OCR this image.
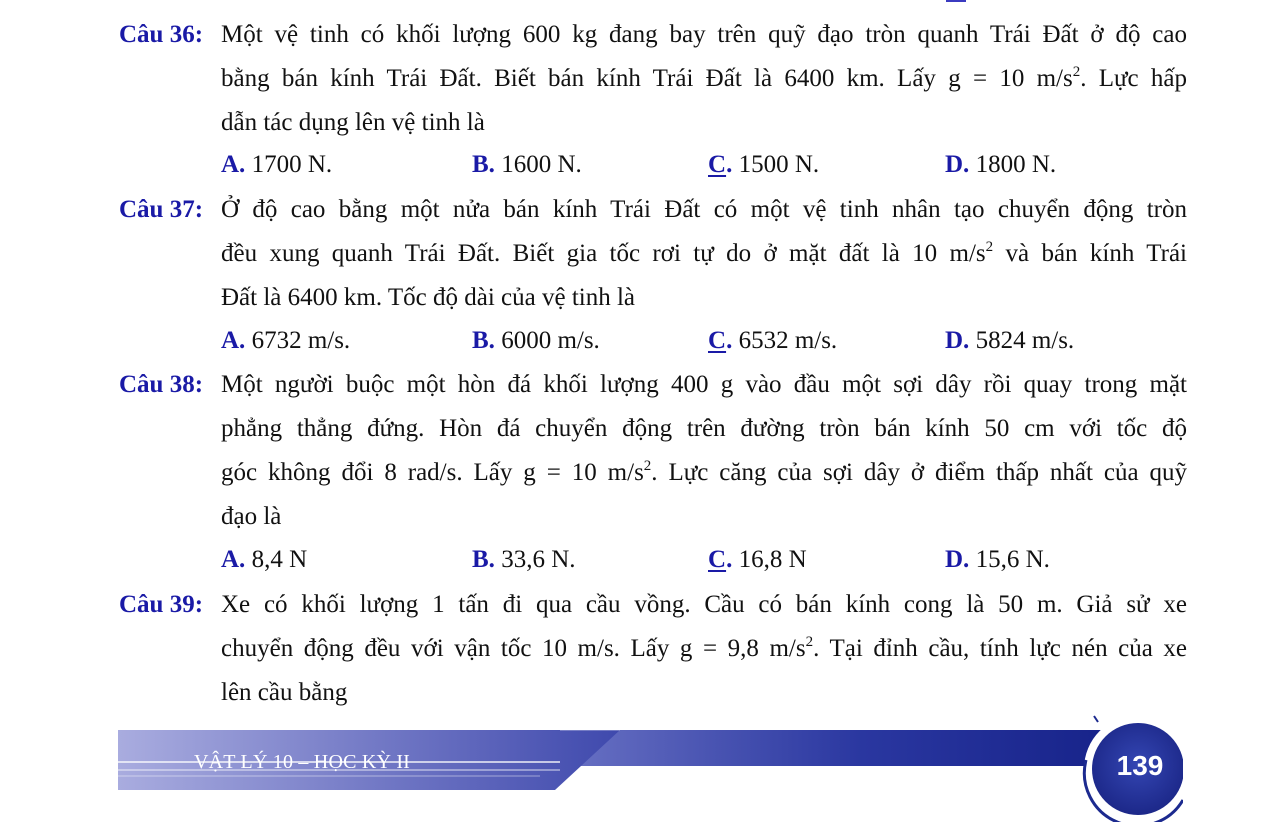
Câu 36: Một vệ tinh có khối lượng 600 kg đang bay trên quỹ đạo tròn quanh Trái Đất ở độ cao
bằng bán kính Trái Đất. Biết bán kính Trái Đất là 6400 km. Lấy g = 10 $m/s^2$. Lực hấp
dẫn tác dụng lên vệ tinh là
A. 1700 N.	B. 1600 N.	C. 1500 N.	D. 1800 N.
Câu 37: Ở độ cao bằng một nửa bán kính Trái Đất có một vệ tinh nhân tạo chuyển động tròn
đều xung quanh Trái Đất. Biết gia tốc rơi tự do ở mặt đất là 10 $m/s^2$ và bán kính Trái
Đất là 6400 km. Tốc độ dài của vệ tinh là
A. 6732 m/s.	B. 6000 m/s.	C. 6532 m/s.	D. 5824 m/s.
Câu 38: Một người buộc một hòn đá khối lượng 400 g vào đầu một sợi dây rồi quay trong mặt
phẳng thẳng đứng. Hòn đá chuyển động trên đường tròn bán kính 50 cm với tốc độ
góc không đổi 8 rad/s. Lấy g = 10 $m/s^2$. Lực căng của sợi dây ở điểm thấp nhất của quỹ
đạo là
A. 8,4 N	B. 33,6 N.	C. 16,8 N	D. 15,6 N.
Câu 39: Xe có khối lượng 1 tấn đi qua cầu vồng. Cầu có bán kính cong là 50 m. Giả sử xe
chuyển động đều với vận tốc 10 m/s. Lấy g = 9,8 $m/s^2$. Tại đỉnh cầu, tính lực nén của xe
lên cầu bằng
VẬT LÝ 10 – HỌC KỲ II	139
